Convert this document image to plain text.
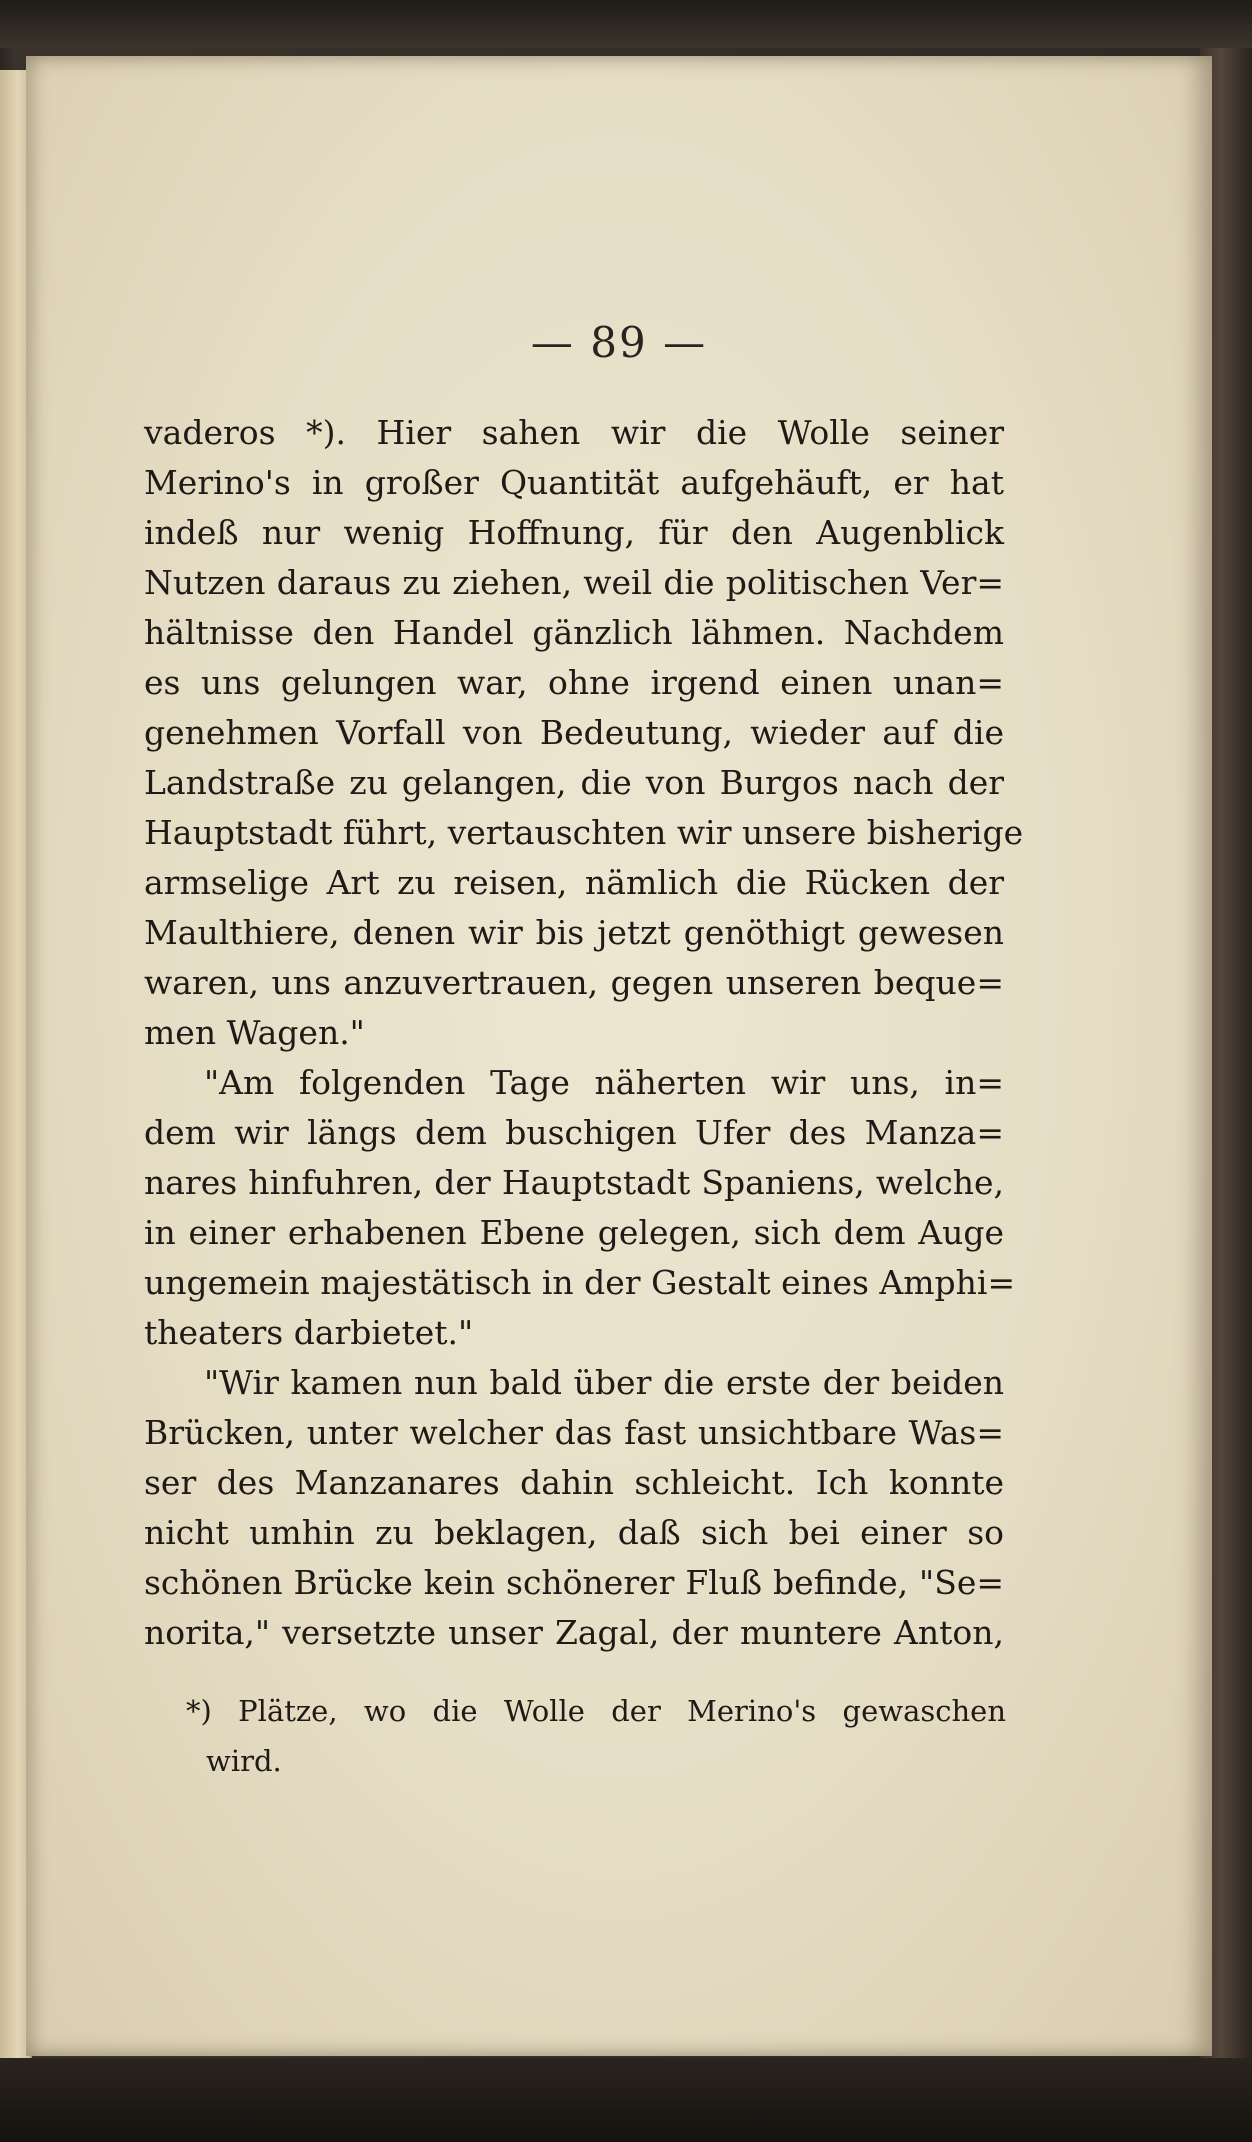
— 89 —
vaderos *). Hier sahen wir die Wolle seiner
Merino's in großer Quantität aufgehäuft, er hat
indeß nur wenig Hoffnung, für den Augenblick
Nutzen daraus zu ziehen, weil die politischen Ver=
hältnisse den Handel gänzlich lähmen. Nachdem
es uns gelungen war, ohne irgend einen unan=
genehmen Vorfall von Bedeutung, wieder auf die
Landstraße zu gelangen, die von Burgos nach der
Hauptstadt führt, vertauschten wir unsere bisherige
armselige Art zu reisen, nämlich die Rücken der
Maulthiere, denen wir bis jetzt genöthigt gewesen
waren, uns anzuvertrauen, gegen unseren beque=
men Wagen."
"Am folgenden Tage näherten wir uns, in=
dem wir längs dem buschigen Ufer des Manza=
nares hinfuhren, der Hauptstadt Spaniens, welche,
in einer erhabenen Ebene gelegen, sich dem Auge
ungemein majestätisch in der Gestalt eines Amphi=
theaters darbietet."
"Wir kamen nun bald über die erste der beiden
Brücken, unter welcher das fast unsichtbare Was=
ser des Manzanares dahin schleicht. Ich konnte
nicht umhin zu beklagen, daß sich bei einer so
schönen Brücke kein schönerer Fluß befinde, "Se=
norita," versetzte unser Zagal, der muntere Anton,
*) Plätze, wo die Wolle der Merino's gewaschen
wird.
